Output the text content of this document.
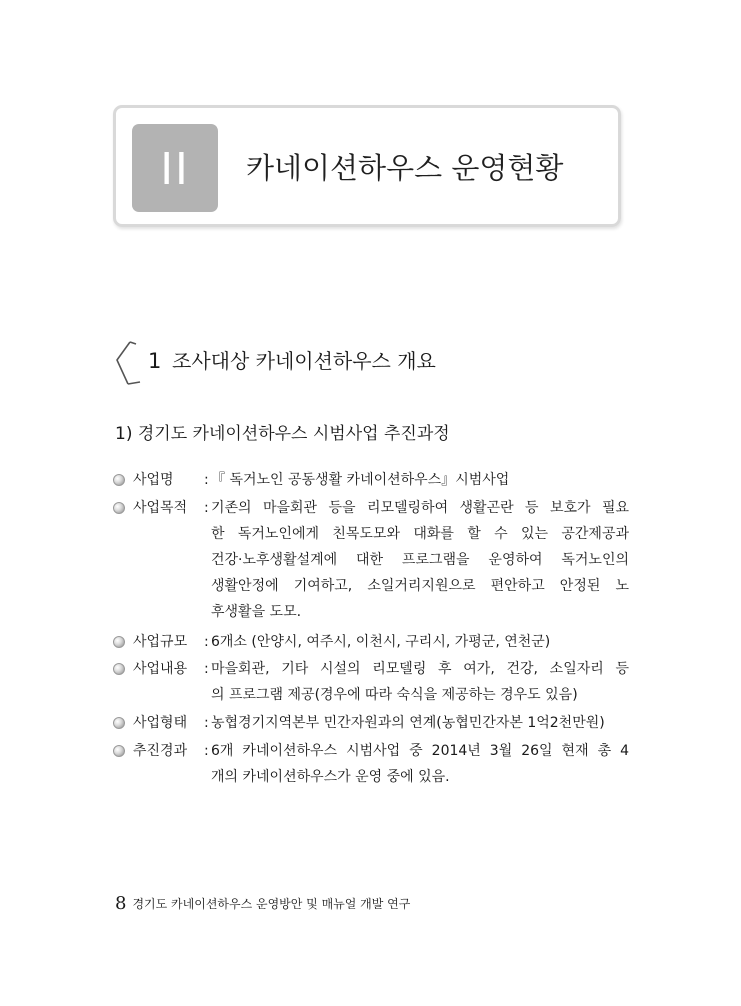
II	카네이션하우스 운영현황
1 조사대상 카네이션하우스 개요
1) 경기도 카네이션하우스 시범사업 추진과정
사업명 : 『 독거노인 공동생활 카네이션하우스』시범사업
사업목적 : 기존의 마을회관 등을 리모델링하여 생활곤란 등 보호가 필요
한 독거노인에게 친목도모와 대화를 할 수 있는 공간제공과
건강·노후생활설계에 대한 프로그램을 운영하여 독거노인의
생활안정에 기여하고, 소일거리지원으로 편안하고 안정된 노
후생활을 도모.
사업규모 : 6개소 (안양시, 여주시, 이천시, 구리시, 가평군, 연천군)
사업내용 : 마을회관, 기타 시설의 리모델링 후 여가, 건강, 소일자리 등
의 프로그램 제공(경우에 따라 숙식을 제공하는 경우도 있음)
사업형태 : 농협경기지역본부 민간자원과의 연계(농협민간자본 1억2천만원)
추진경과 : 6개 카네이션하우스 시범사업 중 2014년 3월 26일 현재 총 4
개의 카네이션하우스가 운영 중에 있음.
8 경기도 카네이션하우스 운영방안 및 매뉴얼 개발 연구
